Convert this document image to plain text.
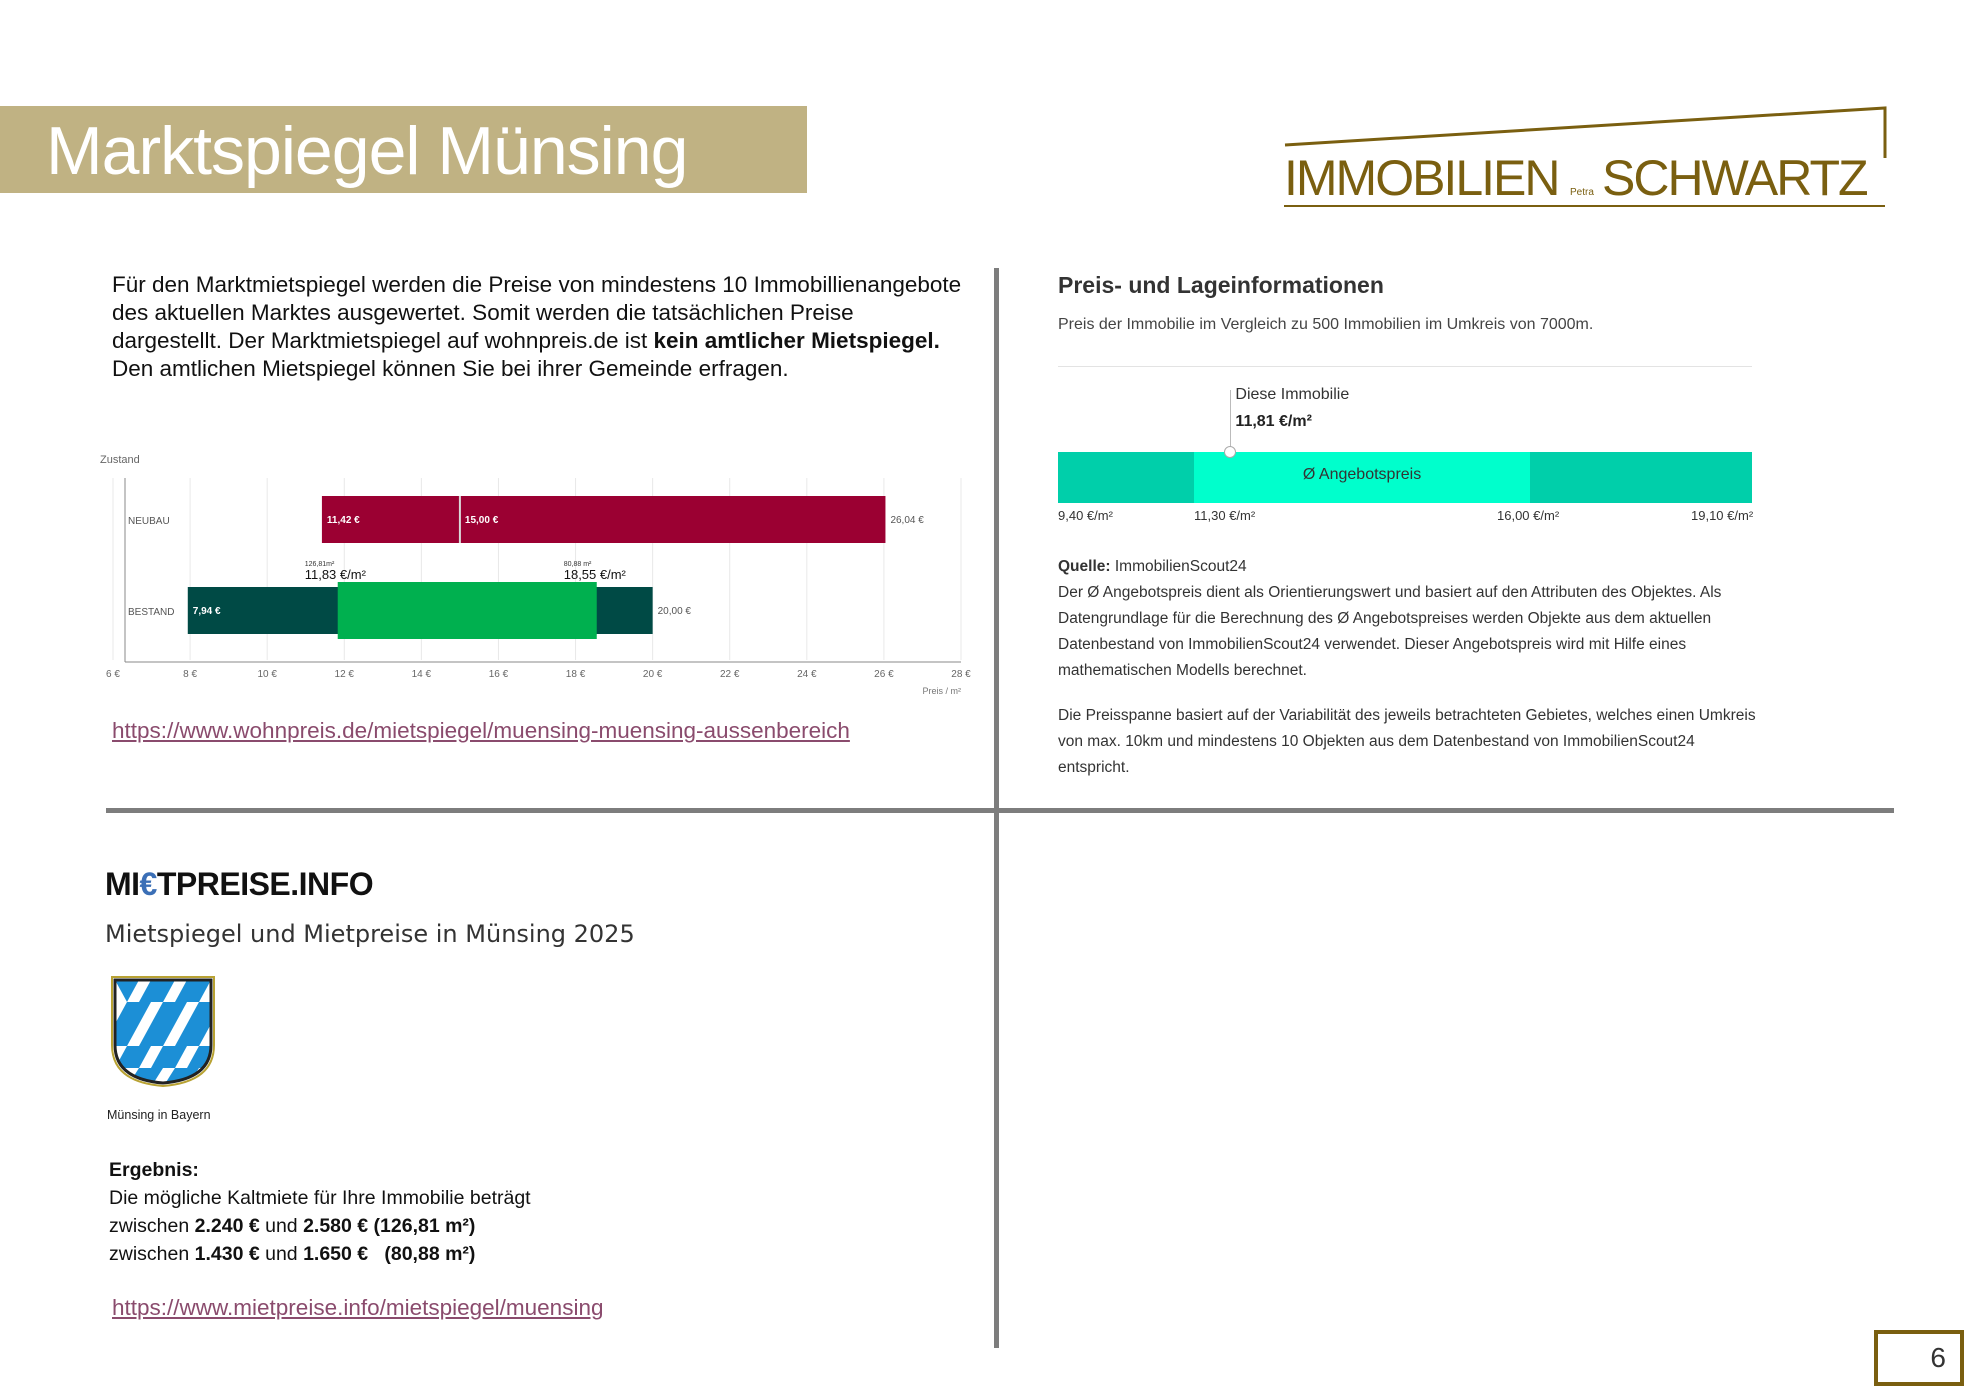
Marktspiegel Münsing	IMMOBILIEN Petra SCHWARTZ
Für den Marktmietspiegel werden die Preise von mindestens 10 Immobillienangebote des aktuellen Marktes ausgewertet. Somit werden die tatsächlichen Preise dargestellt. Der Marktmietspiegel auf wohnpreis.de ist kein amtlicher Mietspiegel. Den amtlichen Mietspiegel können Sie bei ihrer Gemeinde erfragen.
Zustand
6 €	8 €	10 €	12 €	14 €	16 €	18 €	20 €	22 €	24 €	26 €	28 €
Preis / m²
NEUBAU	11,42 €	26,04 €
15,00 €
BESTAND 7,94 €	20,00 €
126,81m²
11,83 €/m²
80,88 m²
18,55 €/m²
https://www.wohnpreis.de/mietspiegel/muensing-muensing-aussenbereich
Preis- und Lageinformationen
Preis der Immobilie im Vergleich zu 500 Immobilien im Umkreis von 7000m.
Diese Immobilie
11,81 €/m²
Ø Angebotspreis
9,40 €/m²	11,30 €/m²	16,00 €/m²	19,10 €/m²

Quelle: ImmobilienScout24

Der Ø Angebotspreis dient als Orientierungswert und basiert auf den Attributen des Objektes. Als Datengrundlage für die Berechnung des Ø Angebotspreises werden Objekte aus dem aktuellen Datenbestand von ImmobilienScout24 verwendet. Dieser Angebotspreis wird mit Hilfe eines mathematischen Modells berechnet.

Die Preisspanne basiert auf der Variabilität des jeweils betrachteten Gebietes, welches einen Umkreis von max. 10km und mindestens 10 Objekten aus dem Datenbestand von ImmobilienScout24 entspricht.

MI€TPREISE.INFO
Mietspiegel und Mietpreise in Münsing 2025
Münsing in Bayern
Ergebnis:
Die mögliche Kaltmiete für Ihre Immobilie beträgt
zwischen 2.240 € und 2.580 € (126,81 m²)
zwischen 1.430 € und 1.650 €   (80,88 m²)
https://www.mietpreise.info/mietspiegel/muensing
6
